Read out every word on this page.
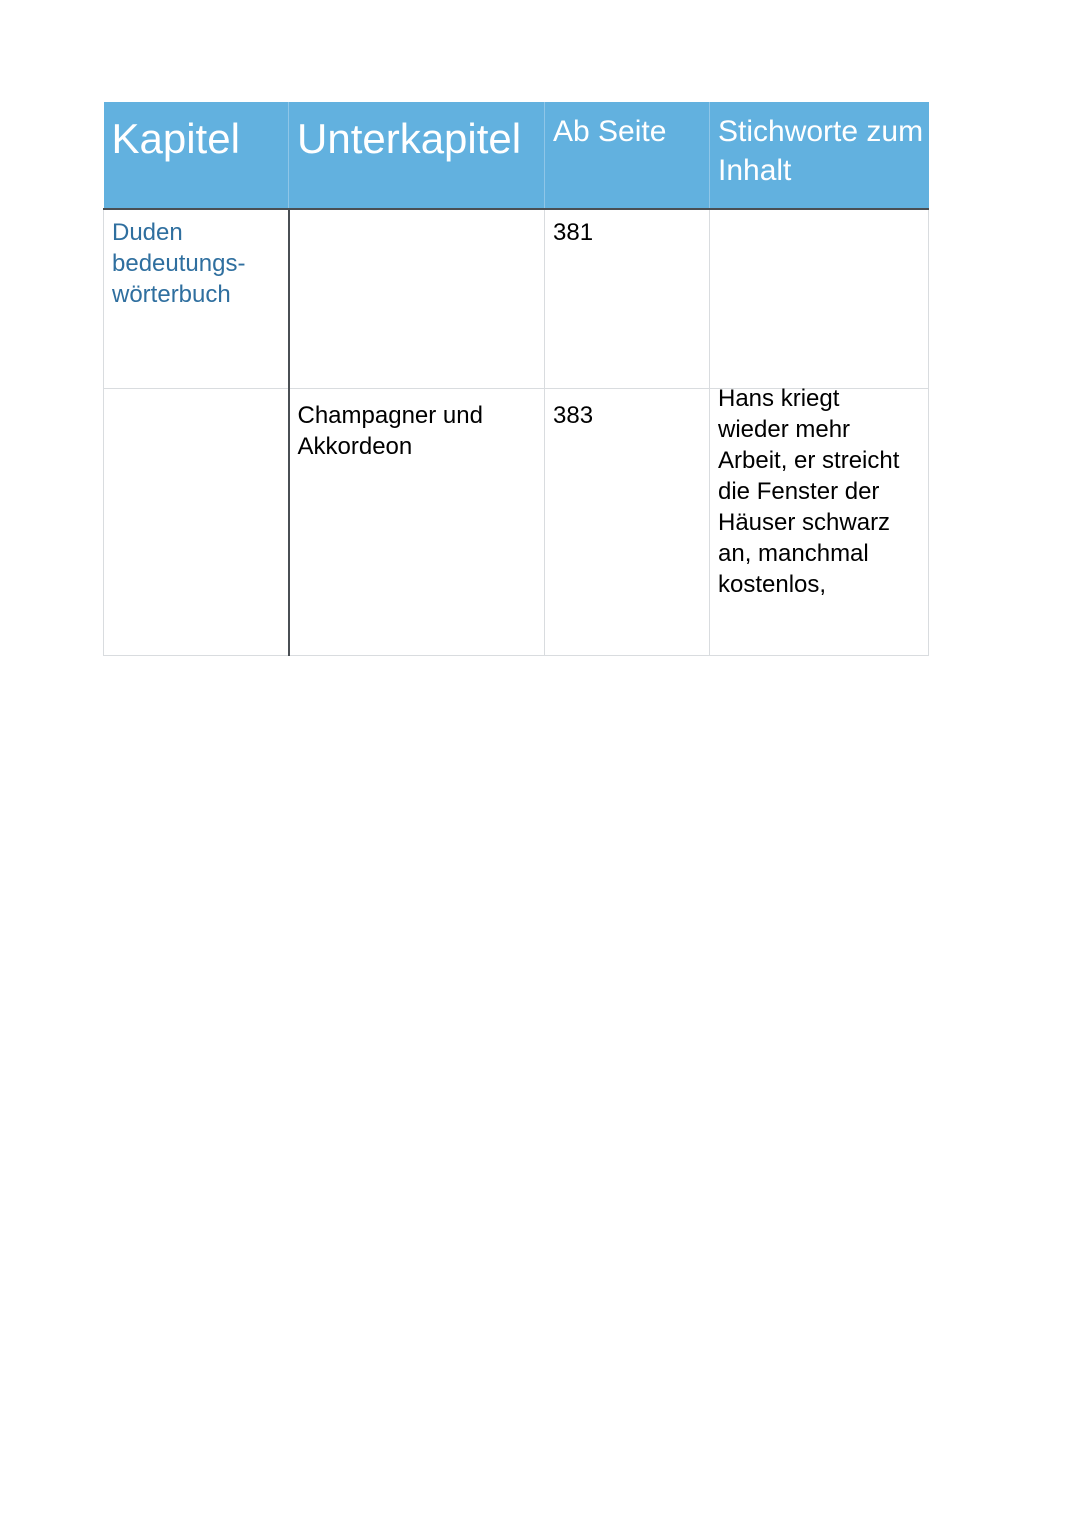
Kapitel	Unterkapitel	Ab Seite	Stichworte zum Inhalt

Duden bedeutungs-wörterbuch		381	

	Champagner und Akkordeon	383	Hans kriegt wieder mehr Arbeit, er streicht die Fenster der Häuser schwarz an, manchmal kostenlos,
